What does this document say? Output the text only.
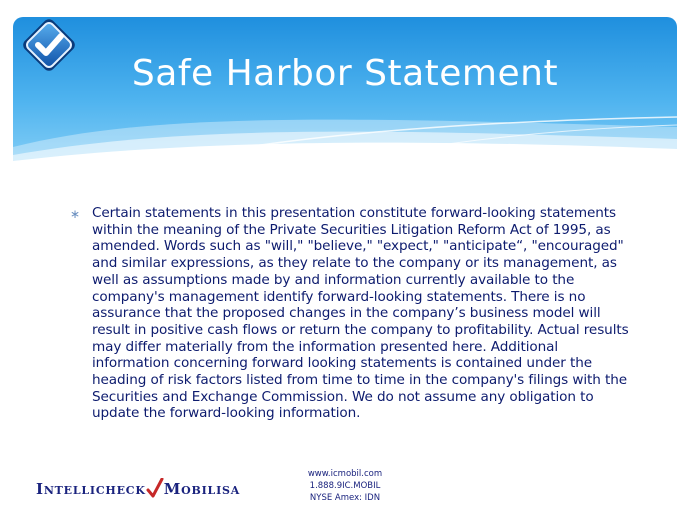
Safe Harbor Statement
∗ Certain statements in this presentation constitute forward-looking statements within the meaning of the Private Securities Litigation Reform Act of 1995, as amended. Words such as "will," "believe," "expect," "anticipate“, "encouraged" and similar expressions, as they relate to the company or its management, as well as assumptions made by and information currently available to the company's management identify forward-looking statements. There is no assurance that the proposed changes in the company’s business model will result in positive cash flows or return the company to profitability. Actual results may differ materially from the information presented here. Additional information concerning forward looking statements is contained under the heading of risk factors listed from time to time in the company's filings with the Securities and Exchange Commission. We do not assume any obligation to update the forward-looking information.
Intellicheck Mobilisa
www.icmobil.com
1.888.9IC.MOBIL
NYSE Amex: IDN
